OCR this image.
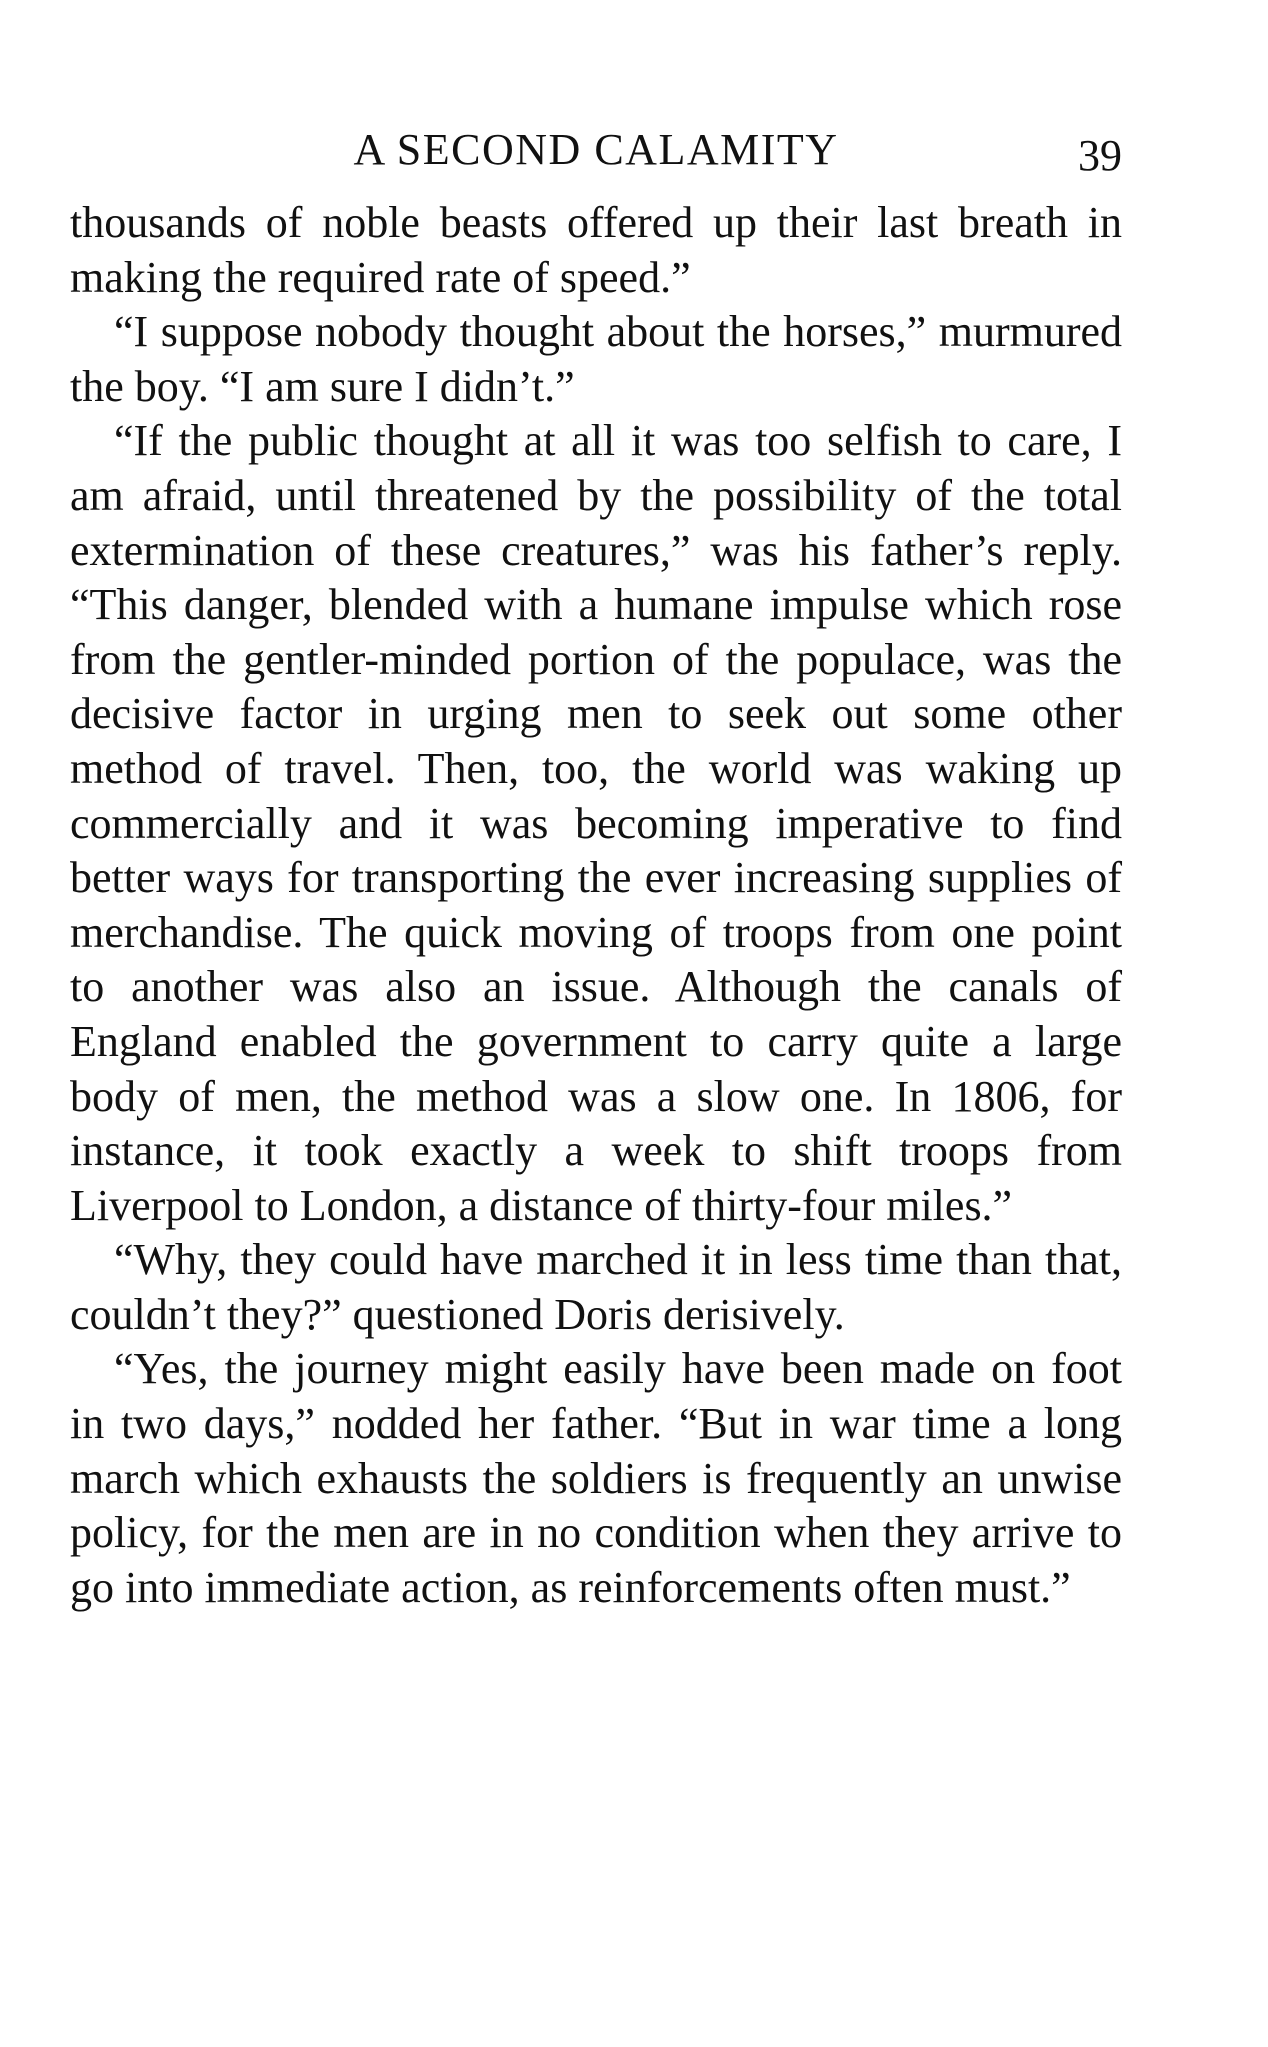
A SECOND CALAMITY	39

thousands of noble beasts offered up their last breath in making the required rate of speed.”

“I suppose nobody thought about the horses,” murmured the boy. “I am sure I didn’t.”

“If the public thought at all it was too selfish to care, I am afraid, until threatened by the possibility of the total extermination of these creatures,” was his father’s reply. “This danger, blended with a humane impulse which rose from the gentler-minded portion of the populace, was the decisive factor in urging men to seek out some other method of travel. Then, too, the world was waking up commercially and it was becoming imperative to find better ways for transporting the ever increasing supplies of merchandise. The quick moving of troops from one point to another was also an issue. Although the canals of England enabled the government to carry quite a large body of men, the method was a slow one. In 1806, for instance, it took exactly a week to shift troops from Liverpool to London, a distance of thirty-four miles.”

“Why, they could have marched it in less time than that, couldn’t they?” questioned Doris derisively.

“Yes, the journey might easily have been made on foot in two days,” nodded her father. “But in war time a long march which exhausts the soldiers is frequently an unwise policy, for the men are in no condition when they arrive to go into immediate action, as reinforcements often must.”
